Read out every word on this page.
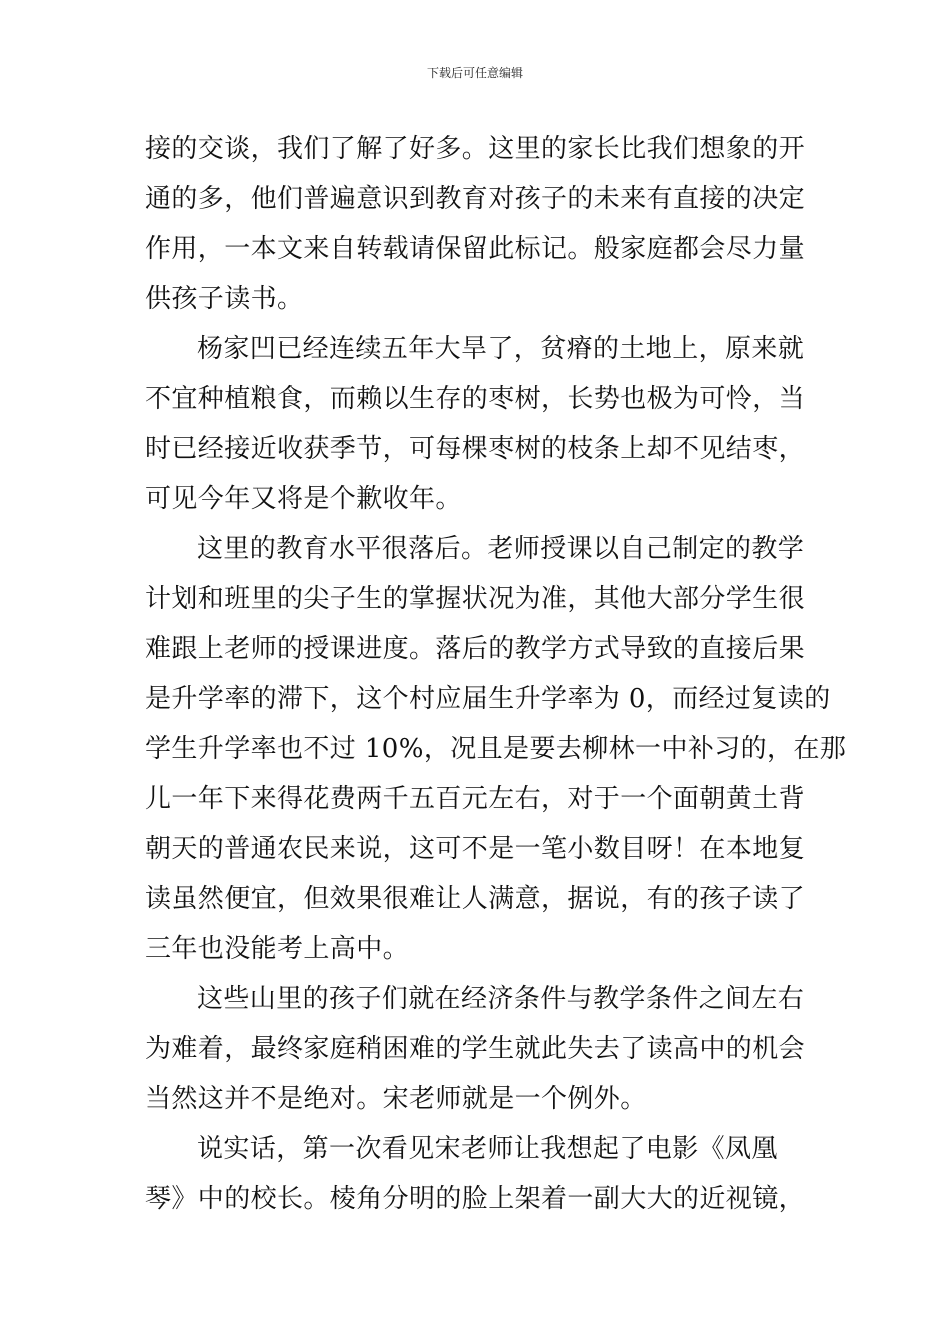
下载后可任意编辑
接的交谈，我们了解了好多。这里的家长比我们想象的开
通的多，他们普遍意识到教育对孩子的未来有直接的决定
作用，一本文来自转载请保留此标记。般家庭都会尽力量
供孩子读书。
杨家凹已经连续五年大旱了，贫瘠的土地上，原来就
不宜种植粮食，而赖以生存的枣树，长势也极为可怜，当
时已经接近收获季节，可每棵枣树的枝条上却不见结枣，
可见今年又将是个歉收年。
这里的教育水平很落后。老师授课以自己制定的教学
计划和班里的尖子生的掌握状况为准，其他大部分学生很
难跟上老师的授课进度。落后的教学方式导致的直接后果
是升学率的滞下，这个村应届生升学率为 0，而经过复读的
学生升学率也不过 10%，况且是要去柳林一中补习的，在那
儿一年下来得花费两千五百元左右，对于一个面朝黄土背
朝天的普通农民来说，这可不是一笔小数目呀！在本地复
读虽然便宜，但效果很难让人满意，据说，有的孩子读了
三年也没能考上高中。
这些山里的孩子们就在经济条件与教学条件之间左右
为难着，最终家庭稍困难的学生就此失去了读高中的机会
当然这并不是绝对。宋老师就是一个例外。
说实话，第一次看见宋老师让我想起了电影《凤凰
琴》中的校长。棱角分明的脸上架着一副大大的近视镜，
